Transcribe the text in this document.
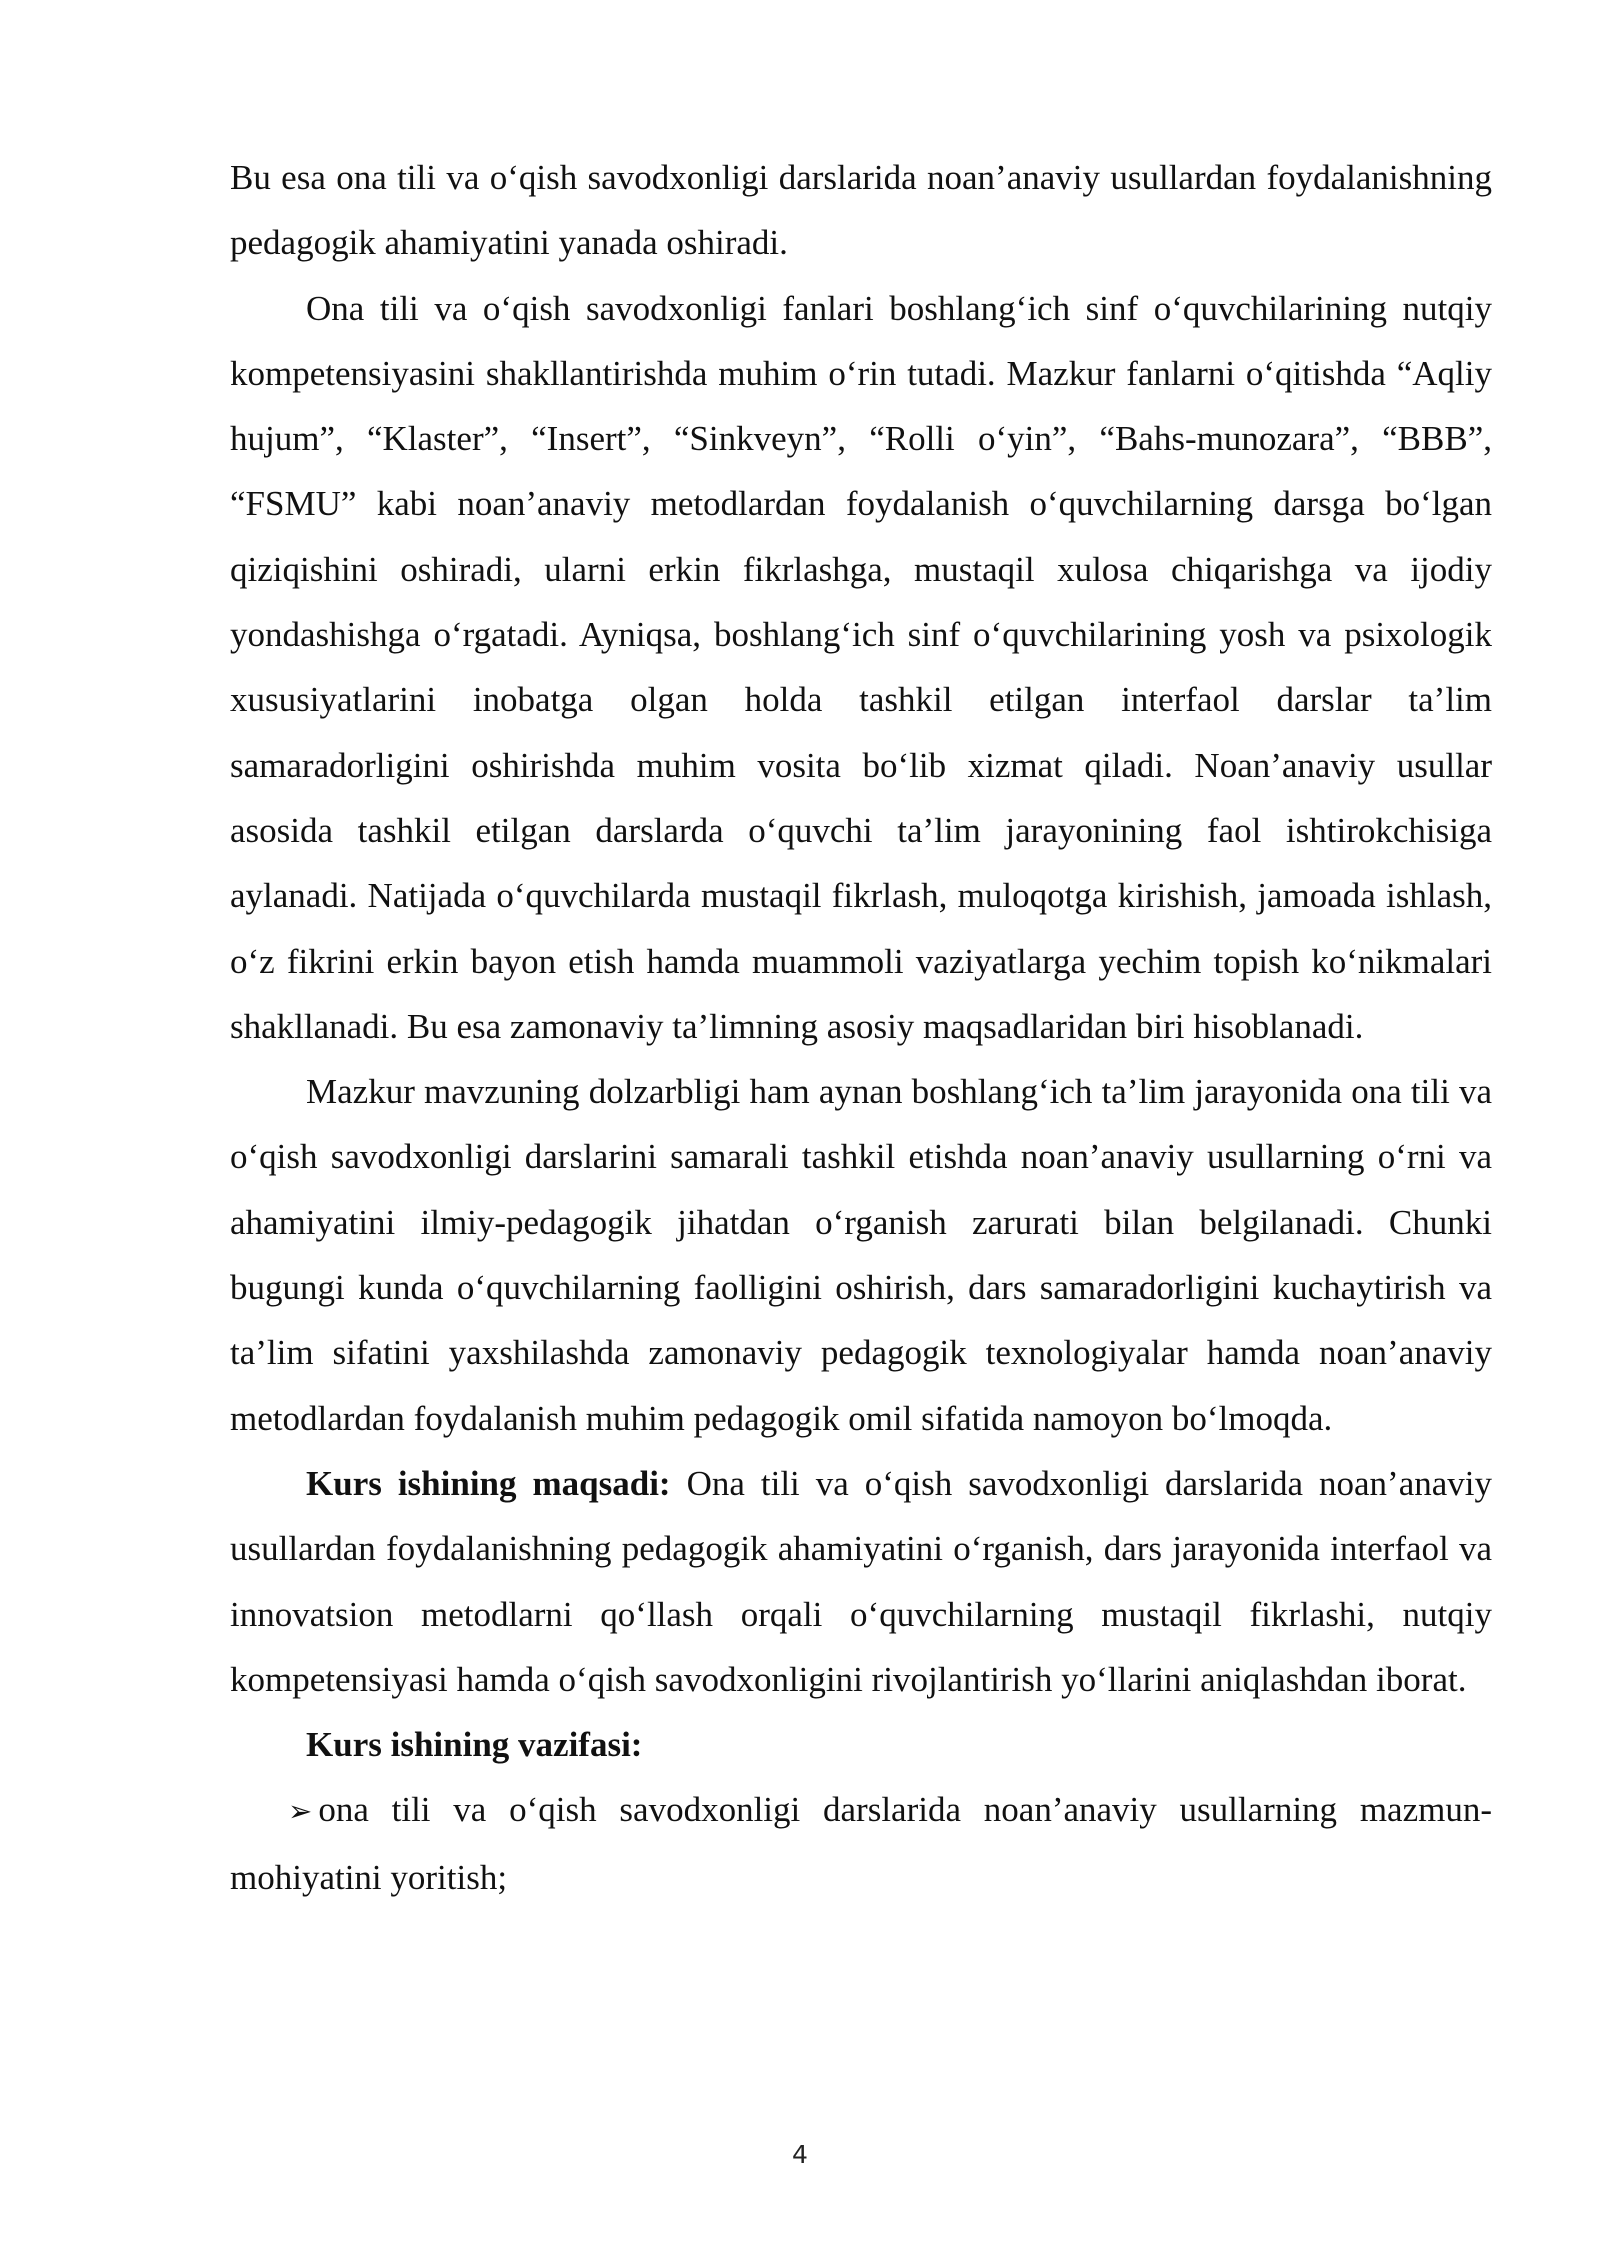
Bu esa ona tili va o‘qish savodxonligi darslarida noan’anaviy usullardan foydalanishning pedagogik ahamiyatini yanada oshiradi.

Ona tili va o‘qish savodxonligi fanlari boshlang‘ich sinf o‘quvchilarining nutqiy kompetensiyasini shakllantirishda muhim o‘rin tutadi. Mazkur fanlarni o‘qitishda “Aqliy hujum”, “Klaster”, “Insert”, “Sinkveyn”, “Rolli o‘yin”, “Bahs-munozara”, “BBB”, “FSMU” kabi noan’anaviy metodlardan foydalanish o‘quvchilarning darsga bo‘lgan qiziqishini oshiradi, ularni erkin fikrlashga, mustaqil xulosa chiqarishga va ijodiy yondashishga o‘rgatadi. Ayniqsa, boshlang‘ich sinf o‘quvchilarining yosh va psixologik xususiyatlarini inobatga olgan holda tashkil etilgan interfaol darslar ta’lim samaradorligini oshirishda muhim vosita bo‘lib xizmat qiladi. Noan’anaviy usullar asosida tashkil etilgan darslarda o‘quvchi ta’lim jarayonining faol ishtirokchisiga aylanadi. Natijada o‘quvchilarda mustaqil fikrlash, muloqotga kirishish, jamoada ishlash, o‘z fikrini erkin bayon etish hamda muammoli vaziyatlarga yechim topish ko‘nikmalari shakllanadi. Bu esa zamonaviy ta’limning asosiy maqsadlaridan biri hisoblanadi.

Mazkur mavzuning dolzarbligi ham aynan boshlang‘ich ta’lim jarayonida ona tili va o‘qish savodxonligi darslarini samarali tashkil etishda noan’anaviy usullarning o‘rni va ahamiyatini ilmiy-pedagogik jihatdan o‘rganish zarurati bilan belgilanadi. Chunki bugungi kunda o‘quvchilarning faolligini oshirish, dars samaradorligini kuchaytirish va ta’lim sifatini yaxshilashda zamonaviy pedagogik texnologiyalar hamda noan’anaviy metodlardan foydalanish muhim pedagogik omil sifatida namoyon bo‘lmoqda.

Kurs ishining maqsadi: Ona tili va o‘qish savodxonligi darslarida noan’anaviy usullardan foydalanishning pedagogik ahamiyatini o‘rganish, dars jarayonida interfaol va innovatsion metodlarni qo‘llash orqali o‘quvchilarning mustaqil fikrlashi, nutqiy kompetensiyasi hamda o‘qish savodxonligini rivojlantirish yo‘llarini aniqlashdan iborat.

Kurs ishining vazifasi:

➢ ona tili va o‘qish savodxonligi darslarida noan’anaviy usullarning mazmun-mohiyatini yoritish;

4
